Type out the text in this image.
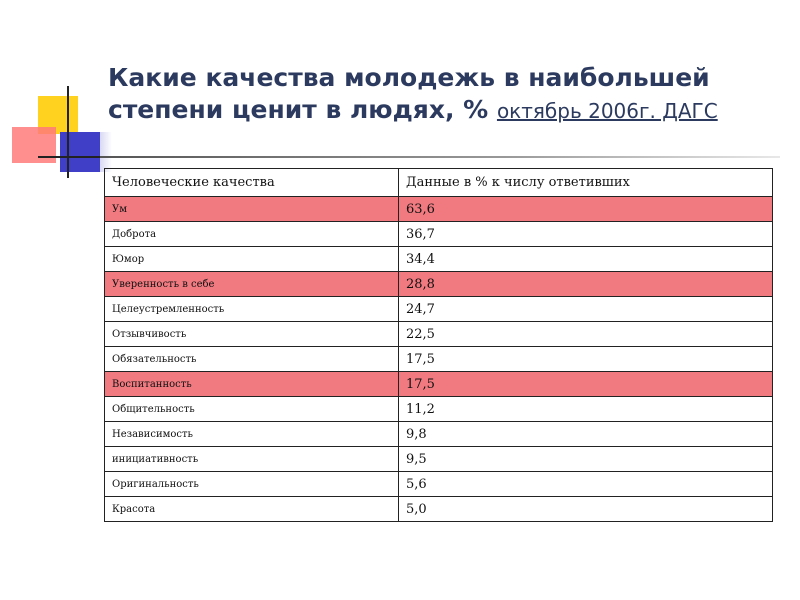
Какие качества молодежь в наибольшей степени ценит в людях, % октябрь 2006г. ДАГС
Человеческие качества	Данные в % к числу ответивших
Ум	63,6
Доброта	36,7
Юмор	34,4
Уверенность в себе	28,8
Целеустремленность	24,7
Отзывчивость	22,5
Обязательность	17,5
Воспитанность	17,5
Общительность	11,2
Независимость	9,8
инициативность	9,5
Оригинальность	5,6
Красота	5,0
